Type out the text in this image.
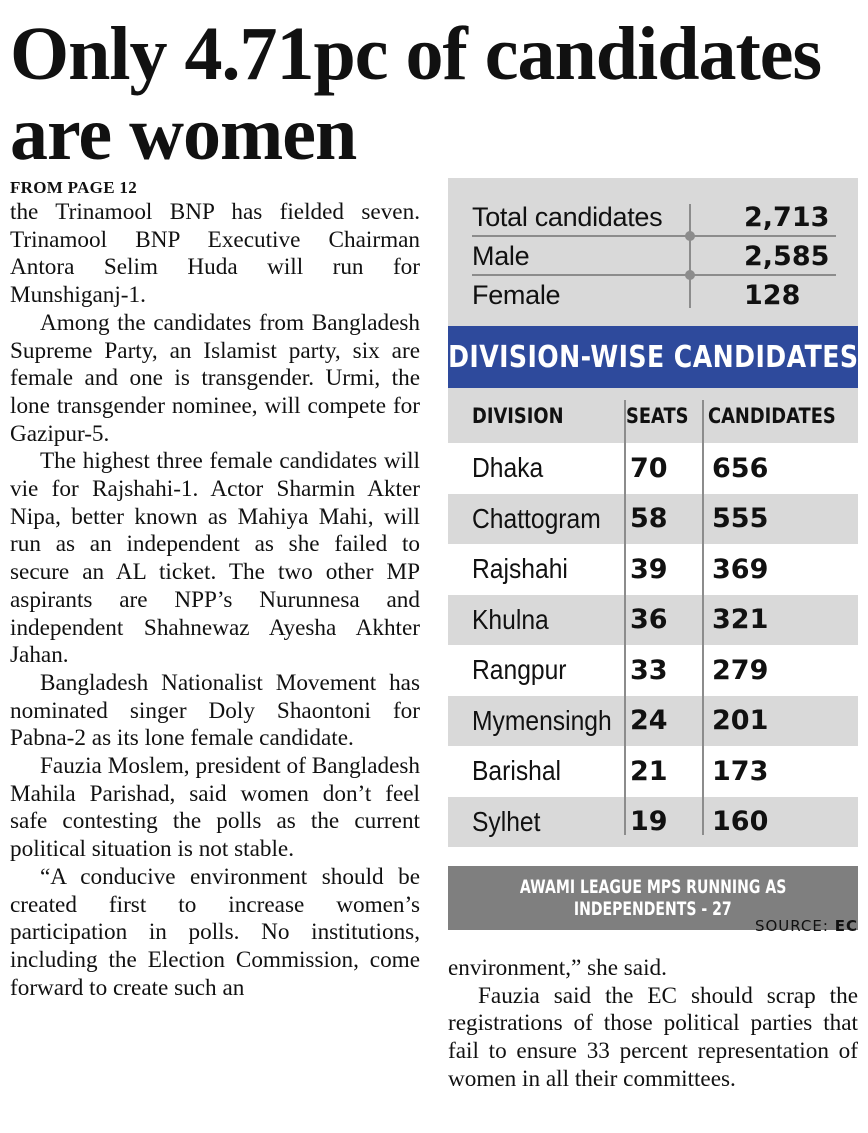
Only 4.71pc of candidates
are women
FROM PAGE 12

the Trinamool BNP has fielded seven. Trinamool BNP Executive Chairman Antora Selim Huda will run for Munshiganj-1.

Among the candidates from Bangladesh Supreme Party, an Islamist party, six are female and one is transgender. Urmi, the lone transgender nominee, will compete for Gazipur-5.

The highest three female candidates will vie for Rajshahi-1. Actor Sharmin Akter Nipa, better known as Mahiya Mahi, will run as an independent as she failed to secure an AL ticket. The two other MP aspirants are NPP’s Nurunnesa and independent Shahnewaz Ayesha Akhter Jahan.

Bangladesh Nationalist Movement has nominated singer Doly Shaontoni for Pabna-2 as its lone female candidate.

Fauzia Moslem, president of Bangladesh Mahila Parishad, said women don’t feel safe contesting the polls as the current political situation is not stable.

“A conducive environment should be created first to increase women’s participation in polls. No institutions, including the Election Commission, come forward to create such an

Total candidates	2,713
Male	2,585
Female	128
DIVISION-WISE CANDIDATES
DIVISION	SEATS CANDIDATES
Dhaka	70	656
Chattogram	58	555
Rajshahi	39	369
Khulna	36	321
Rangpur	33	279
Mymensingh 24	201
Barishal	21	173
Sylhet	19	160
AWAMI LEAGUE MPS RUNNING AS
INDEPENDENTS - 27
SOURCE: EC

environment,” she said.

Fauzia said the EC should scrap the registrations of those political parties that fail to ensure 33 percent representation of women in all their committees.
